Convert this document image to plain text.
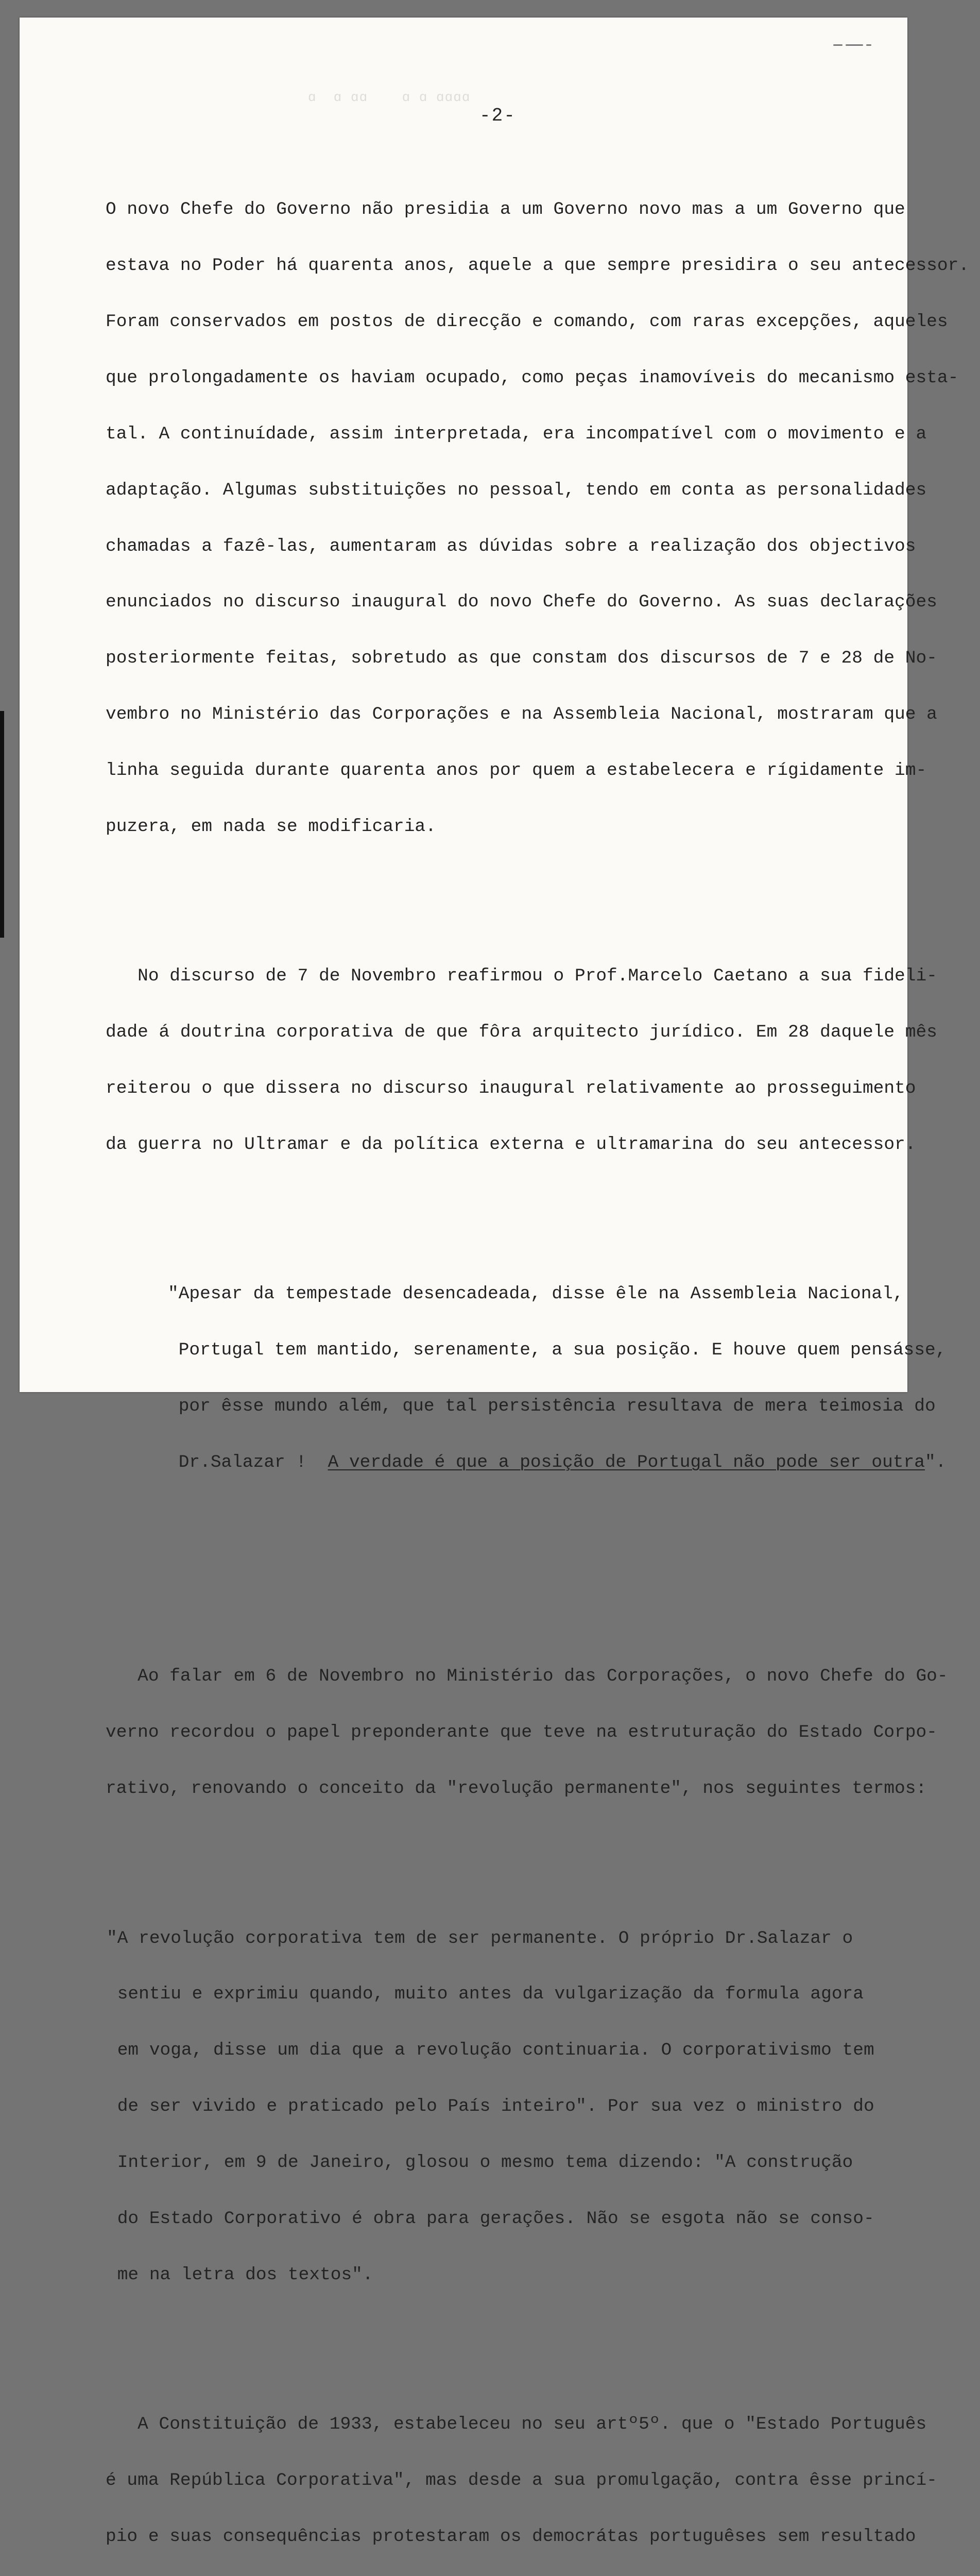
ɑ  ɑ ɑɑ    ɑ ɑ ɑɑɑɑ
-2-

O novo Chefe do Governo não presidia a um Governo novo mas a um Governo que

estava no Poder há quarenta anos, aquele a que sempre presidira o seu antecessor.

Foram conservados em postos de direcção e comando, com raras excepções, aqueles

que prolongadamente os haviam ocupado, como peças inamovíveis do mecanismo esta-

tal. A continuídade, assim interpretada, era incompatível com o movimento e a

adaptação. Algumas substituições no pessoal, tendo em conta as personalidades

chamadas a fazê-las, aumentaram as dúvidas sobre a realização dos objectivos

enunciados no discurso inaugural do novo Chefe do Governo. As suas declarações

posteriormente feitas, sobretudo as que constam dos discursos de 7 e 28 de No-

vembro no Ministério das Corporações e na Assembleia Nacional, mostraram que a

linha seguida durante quarenta anos por quem a estabelecera e rígidamente im-

puzera, em nada se modificaria.

No discurso de 7 de Novembro reafirmou o Prof.Marcelo Caetano a sua fideli-

dade á doutrina corporativa de que fôra arquitecto jurídico. Em 28 daquele mês

reiterou o que dissera no discurso inaugural relativamente ao prosseguimento

da guerra no Ultramar e da política externa e ultramarina do seu antecessor.

"Apesar da tempestade desencadeada, disse êle na Assembleia Nacional,

Portugal tem mantido, serenamente, a sua posição. E houve quem pensásse,

por êsse mundo além, que tal persistência resultava de mera teimosia do

Dr.Salazar !  A verdade é que a posição de Portugal não pode ser outra".

Ao falar em 6 de Novembro no Ministério das Corporações, o novo Chefe do Go-

verno recordou o papel preponderante que teve na estruturação do Estado Corpo-

rativo, renovando o conceito da "revolução permanente", nos seguintes termos:

"A revolução corporativa tem de ser permanente. O próprio Dr.Salazar o

sentiu e exprimiu quando, muito antes da vulgarização da formula agora

em voga, disse um dia que a revolução continuaria. O corporativismo tem

de ser vivido e praticado pelo País inteiro". Por sua vez o ministro do

Interior, em 9 de Janeiro, glosou o mesmo tema dizendo: "A construção

do Estado Corporativo é obra para gerações. Não se esgota não se conso-

me na letra dos textos".

A Constituição de 1933, estabeleceu no seu artº5º. que o "Estado Português

é uma República Corporativa", mas desde a sua promulgação, contra êsse princí-

pio e suas consequências protestaram os democrátas portuguêses sem resultado
